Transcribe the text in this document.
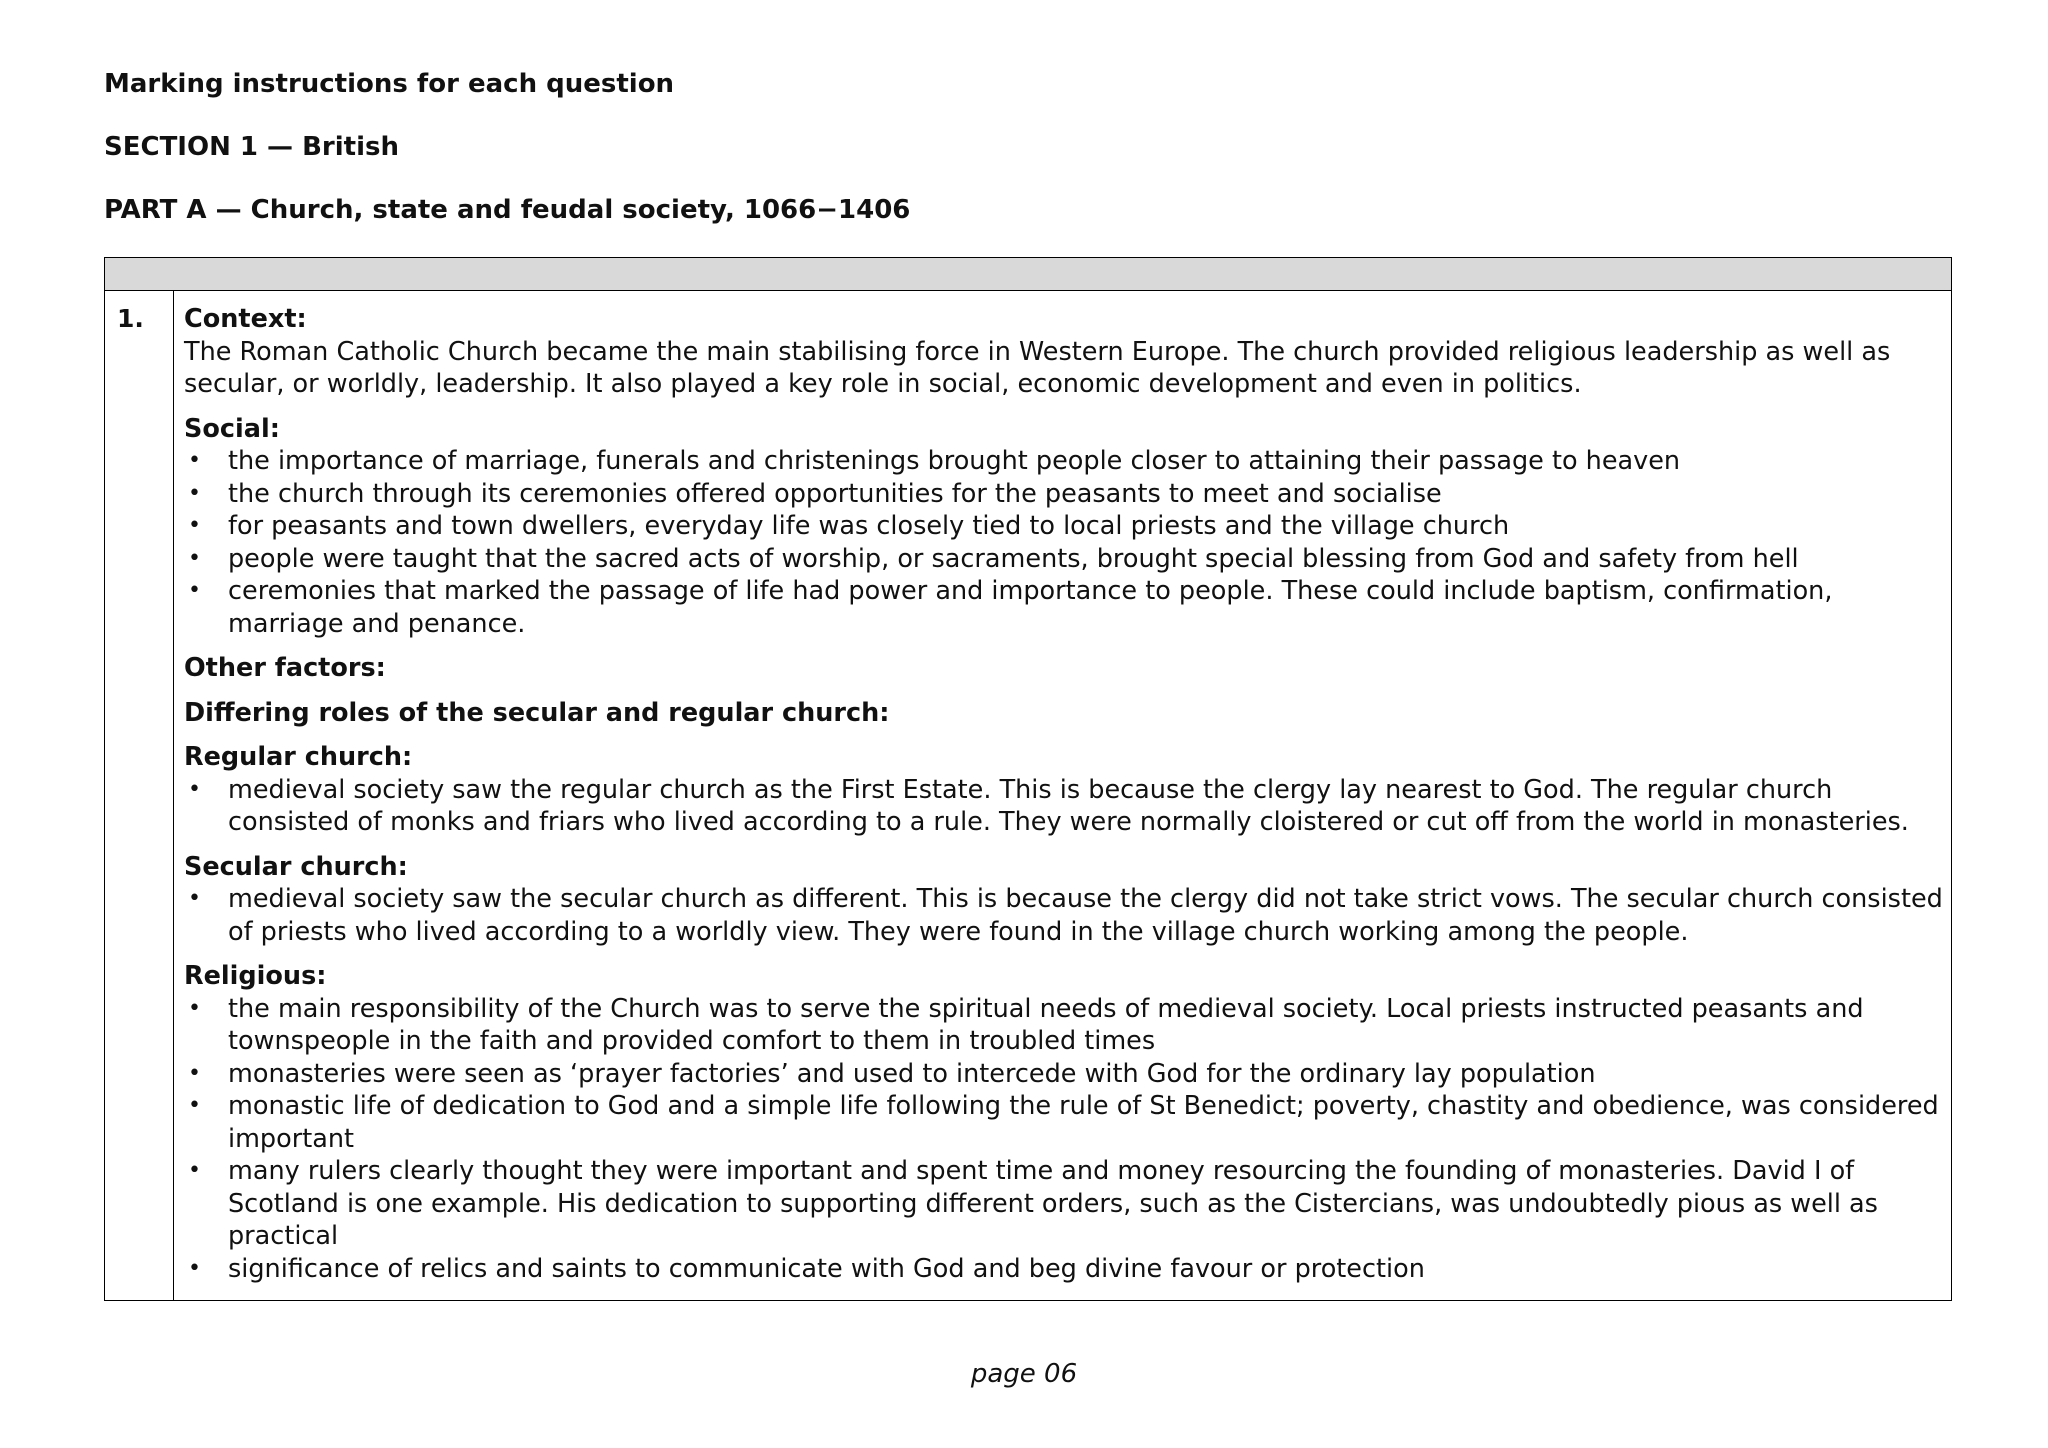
Marking instructions for each question

SECTION 1 — British

PART A — Church, state and feudal society, 1066−1406

1. Context:

The Roman Catholic Church became the main stabilising force in Western Europe. The church provided religious leadership as well as secular, or worldly, leadership. It also played a key role in social, economic development and even in politics.

Social:

• the importance of marriage, funerals and christenings brought people closer to attaining their passage to heaven
• the church through its ceremonies offered opportunities for the peasants to meet and socialise
• for peasants and town dwellers, everyday life was closely tied to local priests and the village church
• people were taught that the sacred acts of worship, or sacraments, brought special blessing from God and safety from hell
• ceremonies that marked the passage of life had power and importance to people. These could include baptism, confirmation, marriage and penance.

Other factors:

Differing roles of the secular and regular church:

Regular church:

• medieval society saw the regular church as the First Estate. This is because the clergy lay nearest to God. The regular church consisted of monks and friars who lived according to a rule. They were normally cloistered or cut off from the world in monasteries.

Secular church:

• medieval society saw the secular church as different. This is because the clergy did not take strict vows. The secular church consisted of priests who lived according to a worldly view. They were found in the village church working among the people.

Religious:

• the main responsibility of the Church was to serve the spiritual needs of medieval society. Local priests instructed peasants and townspeople in the faith and provided comfort to them in troubled times
• monasteries were seen as ‘prayer factories’ and used to intercede with God for the ordinary lay population
• monastic life of dedication to God and a simple life following the rule of St Benedict; poverty, chastity and obedience, was considered important
• many rulers clearly thought they were important and spent time and money resourcing the founding of monasteries. David I of Scotland is one example. His dedication to supporting different orders, such as the Cistercians, was undoubtedly pious as well as practical
• significance of relics and saints to communicate with God and beg divine favour or protection
page 06
